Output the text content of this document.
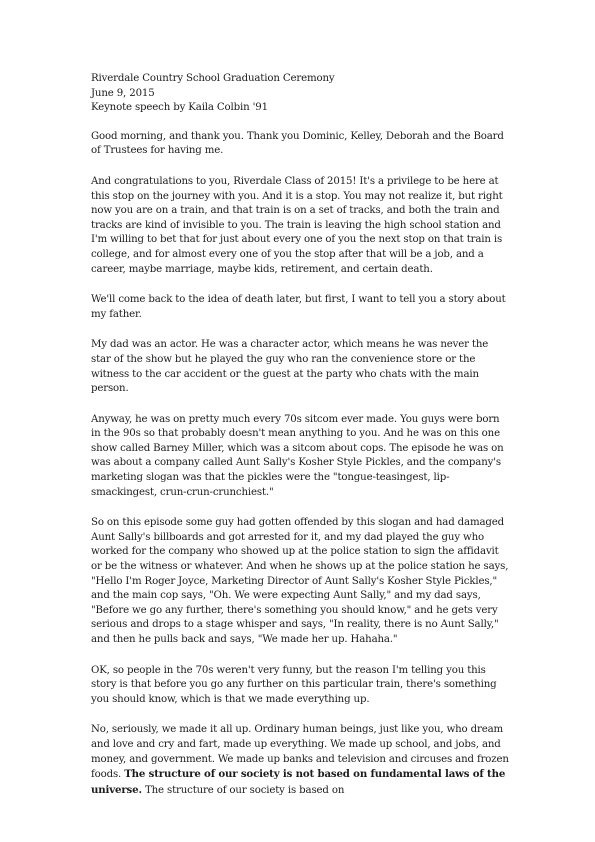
Riverdale Country School Graduation Ceremony
June 9, 2015
Keynote speech by Kaila Colbin '91

Good morning, and thank you. Thank you Dominic, Kelley, Deborah and the Board of Trustees for having me.

And congratulations to you, Riverdale Class of 2015! It's a privilege to be here at this stop on the journey with you. And it is a stop. You may not realize it, but right now you are on a train, and that train is on a set of tracks, and both the train and tracks are kind of invisible to you. The train is leaving the high school station and I'm willing to bet that for just about every one of you the next stop on that train is college, and for almost every one of you the stop after that will be a job, and a career, maybe marriage, maybe kids, retirement, and certain death.

We'll come back to the idea of death later, but first, I want to tell you a story about my father.

My dad was an actor. He was a character actor, which means he was never the star of the show but he played the guy who ran the convenience store or the witness to the car accident or the guest at the party who chats with the main person.

Anyway, he was on pretty much every 70s sitcom ever made. You guys were born in the 90s so that probably doesn't mean anything to you. And he was on this one show called Barney Miller, which was a sitcom about cops. The episode he was on was about a company called Aunt Sally's Kosher Style Pickles, and the company's marketing slogan was that the pickles were the "tongue-teasingest, lip-smackingest, crun-crun-crunchiest."

So on this episode some guy had gotten offended by this slogan and had damaged Aunt Sally's billboards and got arrested for it, and my dad played the guy who worked for the company who showed up at the police station to sign the affidavit or be the witness or whatever. And when he shows up at the police station he says, "Hello I'm Roger Joyce, Marketing Director of Aunt Sally's Kosher Style Pickles," and the main cop says, "Oh. We were expecting Aunt Sally," and my dad says, "Before we go any further, there's something you should know," and he gets very serious and drops to a stage whisper and says, "In reality, there is no Aunt Sally," and then he pulls back and says, "We made her up. Hahaha."

OK, so people in the 70s weren't very funny, but the reason I'm telling you this story is that before you go any further on this particular train, there's something you should know, which is that we made everything up.

No, seriously, we made it all up. Ordinary human beings, just like you, who dream and love and cry and fart, made up everything. We made up school, and jobs, and money, and government. We made up banks and television and circuses and frozen foods. The structure of our society is not based on fundamental laws of the universe. The structure of our society is based on
